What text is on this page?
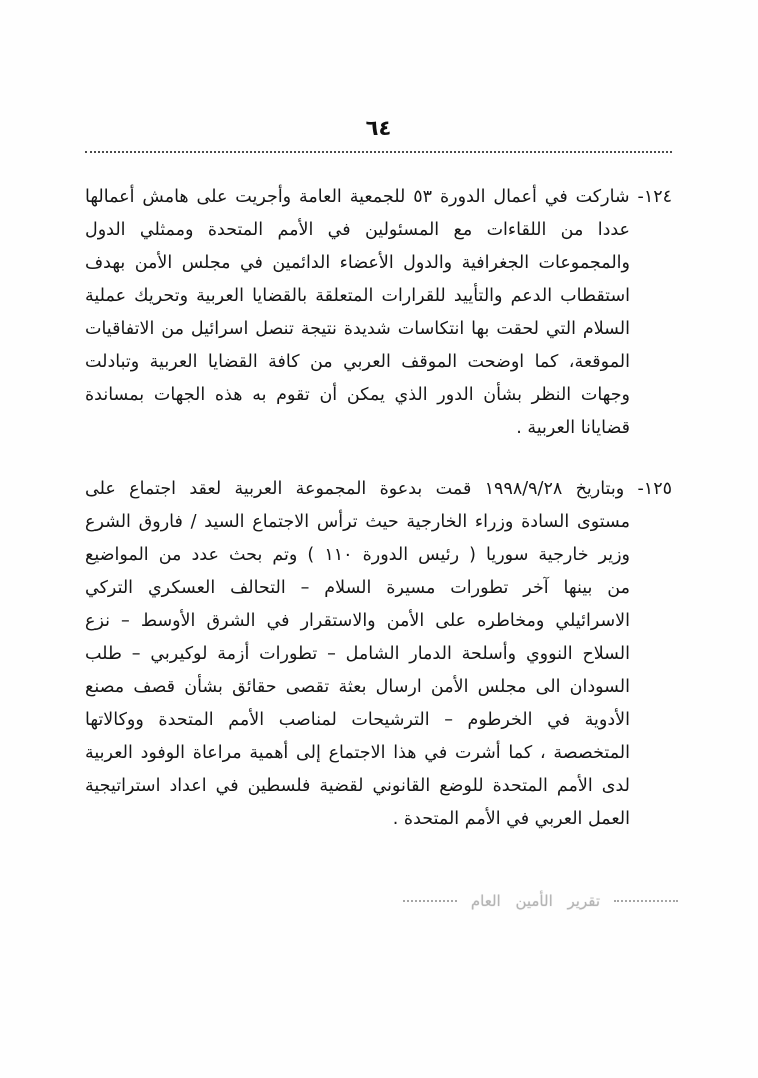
٦٤
١٢٤- شاركت في أعمال الدورة ٥٣ للجمعية العامة وأجريت على هامش أعمالها
عددا من اللقاءات مع المسئولين في الأمم المتحدة وممثلي الدول
والمجموعات الجغرافية والدول الأعضاء الدائمين في مجلس الأمن بهدف
استقطاب الدعم والتأييد للقرارات المتعلقة بالقضايا العربية وتحريك عملية
السلام التي لحقت بها انتكاسات شديدة نتيجة تنصل اسرائيل من الاتفاقيات
الموقعة، كما اوضحت الموقف العربي من كافة القضايا العربية وتبادلت
وجهات النظر بشأن الدور الذي يمكن أن تقوم به هذه الجهات بمساندة
قضايانا العربية .
١٢٥- وبتاريخ ١٩٩٨/٩/٢٨ قمت بدعوة المجموعة العربية لعقد اجتماع على
مستوى السادة وزراء الخارجية حيث ترأس الاجتماع السيد / فاروق الشرع
وزير خارجية سوريا ( رئيس الدورة ١١٠ ) وتم بحث عدد من المواضيع
من بينها آخر تطورات مسيرة السلام – التحالف العسكري التركي
الاسرائيلي ومخاطره على الأمن والاستقرار في الشرق الأوسط – نزع
السلاح النووي وأسلحة الدمار الشامل – تطورات أزمة لوكيربي – طلب
السودان الى مجلس الأمن ارسال بعثة تقصى حقائق بشأن قصف مصنع
الأدوية في الخرطوم – الترشيحات لمناصب الأمم المتحدة ووكالاتها
المتخصصة ، كما أشرت في هذا الاجتماع إلى أهمية مراعاة الوفود العربية
لدى الأمم المتحدة للوضع القانوني لقضية فلسطين في اعداد استراتيجية
العمل العربي في الأمم المتحدة .
تقرير الأمين العام
